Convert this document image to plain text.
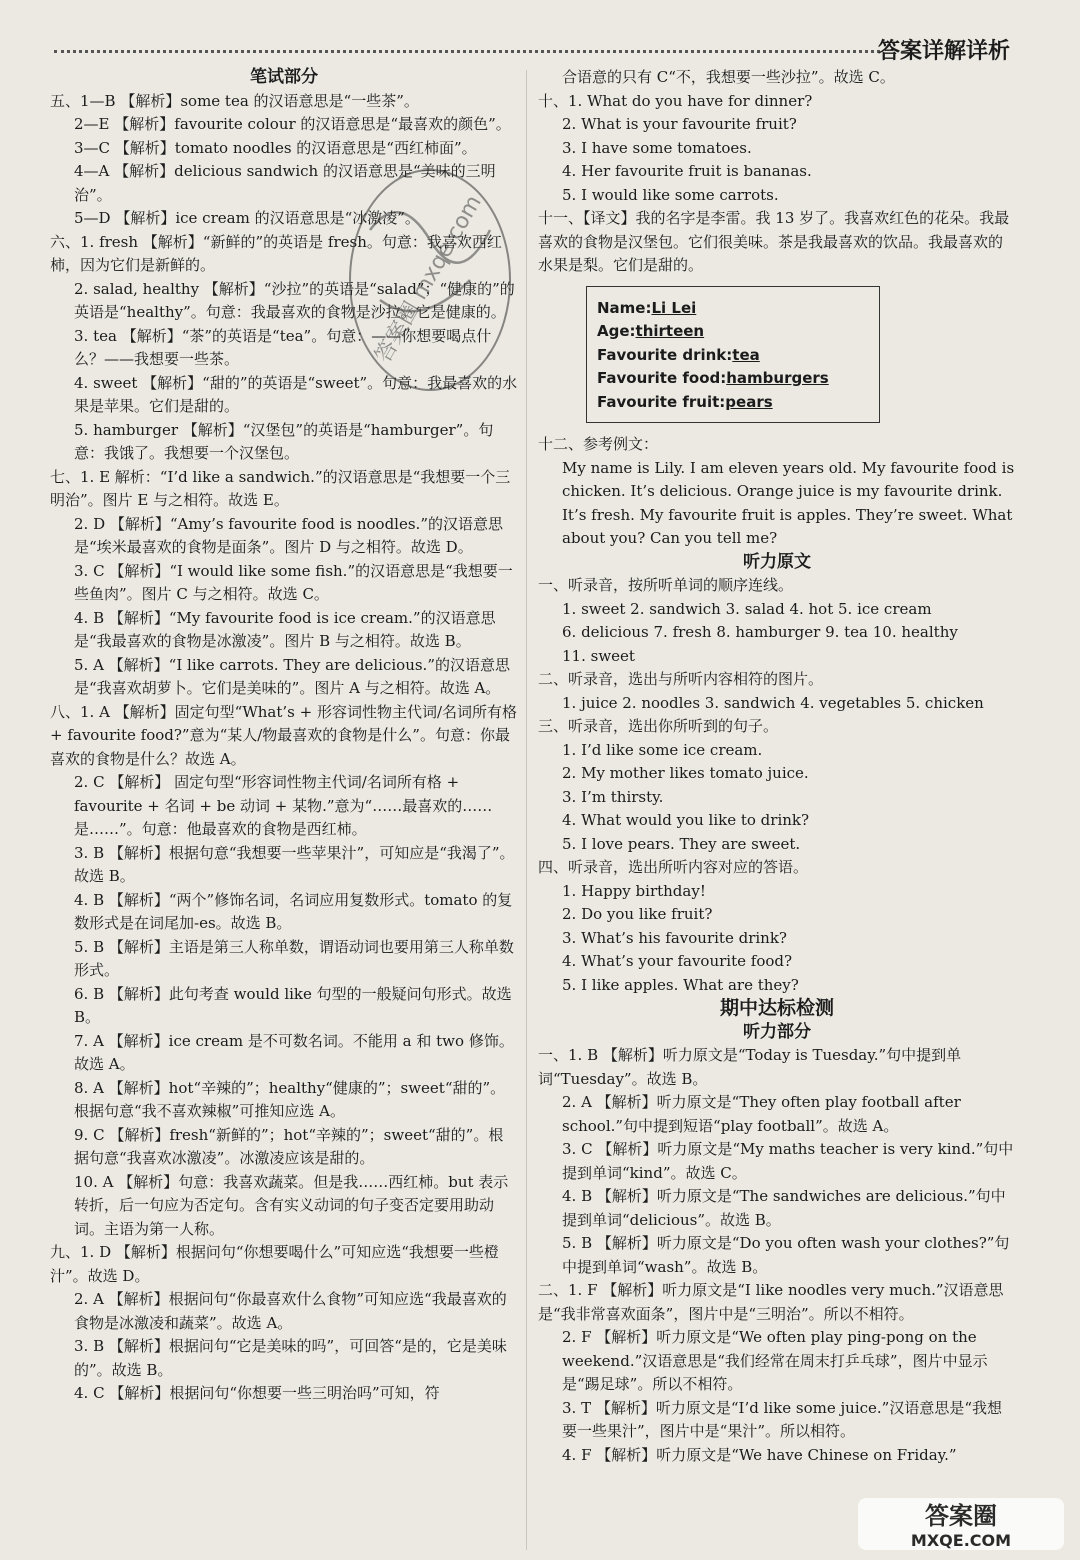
答案详解详析
笔试部分
五、1—B 【解析】some tea 的汉语意思是“一些茶”。
2—E 【解析】favourite colour 的汉语意思是“最喜欢的颜色”。
3—C 【解析】tomato noodles 的汉语意思是“西红柿面”。
4—A 【解析】delicious sandwich 的汉语意思是“美味的三明治”。
5—D 【解析】ice cream 的汉语意思是“冰激凌”。
六、1. fresh 【解析】“新鲜的”的英语是 fresh。句意：我喜欢西红柿，因为它们是新鲜的。
2. salad, healthy 【解析】“沙拉”的英语是“salad”；“健康的”的英语是“healthy”。句意：我最喜欢的食物是沙拉。它是健康的。
3. tea 【解析】“茶”的英语是“tea”。句意：——你想要喝点什么？——我想要一些茶。
4. sweet 【解析】“甜的”的英语是“sweet”。句意：我最喜欢的水果是苹果。它们是甜的。
5. hamburger 【解析】“汉堡包”的英语是“hamburger”。句意：我饿了。我想要一个汉堡包。
七、1. E 解析：“I’d like a sandwich.”的汉语意思是“我想要一个三明治”。图片 E 与之相符。故选 E。
2. D 【解析】“Amy’s favourite food is noodles.”的汉语意思是“埃米最喜欢的食物是面条”。图片 D 与之相符。故选 D。
3. C 【解析】“I would like some fish.”的汉语意思是“我想要一些鱼肉”。图片 C 与之相符。故选 C。
4. B 【解析】“My favourite food is ice cream.”的汉语意思是“我最喜欢的食物是冰激凌”。图片 B 与之相符。故选 B。
5. A 【解析】“I like carrots. They are delicious.”的汉语意思是“我喜欢胡萝卜。它们是美味的”。图片 A 与之相符。故选 A。
八、1. A 【解析】固定句型“What’s + 形容词性物主代词/名词所有格 + favourite food?”意为“某人/物最喜欢的食物是什么”。句意：你最喜欢的食物是什么？故选 A。
2. C 【解析】 固定句型“形容词性物主代词/名词所有格 + favourite + 名词 + be 动词 + 某物.”意为“……最喜欢的……是……”。句意：他最喜欢的食物是西红柿。
3. B 【解析】根据句意“我想要一些苹果汁”，可知应是“我渴了”。故选 B。
4. B 【解析】“两个”修饰名词，名词应用复数形式。tomato 的复数形式是在词尾加-es。故选 B。
5. B 【解析】主语是第三人称单数，谓语动词也要用第三人称单数形式。
6. B 【解析】此句考查 would like 句型的一般疑问句形式。故选 B。
7. A 【解析】ice cream 是不可数名词。不能用 a 和 two 修饰。故选 A。
8. A 【解析】hot“辛辣的”；healthy“健康的”；sweet“甜的”。根据句意“我不喜欢辣椒”可推知应选 A。
9. C 【解析】fresh“新鲜的”；hot“辛辣的”；sweet“甜的”。根据句意“我喜欢冰激凌”。冰激凌应该是甜的。
10. A 【解析】句意：我喜欢蔬菜。但是我……西红柿。but 表示转折，后一句应为否定句。含有实义动词的句子变否定要用助动词。主语为第一人称。
九、1. D 【解析】根据问句“你想要喝什么”可知应选“我想要一些橙汁”。故选 D。
2. A 【解析】根据问句“你最喜欢什么食物”可知应选“我最喜欢的食物是冰激凌和蔬菜”。故选 A。
3. B 【解析】根据问句“它是美味的吗”，可回答“是的，它是美味的”。故选 B。
4. C 【解析】根据问句“你想要一些三明治吗”可知，符
合语意的只有 C“不，我想要一些沙拉”。故选 C。
十、1. What do you have for dinner?
2. What is your favourite fruit?
3. I have some tomatoes.
4. Her favourite fruit is bananas.
5. I would like some carrots.
十一、【译文】我的名字是李雷。我 13 岁了。我喜欢红色的花朵。我最喜欢的食物是汉堡包。它们很美味。茶是我最喜欢的饮品。我最喜欢的水果是梨。它们是甜的。
Name:Li Lei
Age:thirteen
Favourite drink:tea
Favourite food:hamburgers
Favourite fruit:pears
十二、参考例文：
My name is Lily. I am eleven years old. My favourite food is chicken. It’s delicious. Orange juice is my favourite drink. It’s fresh. My favourite fruit is apples. They’re sweet. What about you? Can you tell me?
听力原文
一、听录音，按所听单词的顺序连线。
1. sweet 2. sandwich 3. salad 4. hot 5. ice cream
6. delicious 7. fresh 8. hamburger 9. tea 10. healthy
11. sweet
二、听录音，选出与所听内容相符的图片。
1. juice 2. noodles 3. sandwich 4. vegetables 5. chicken
三、听录音，选出你所听到的句子。
1. I’d like some ice cream.
2. My mother likes tomato juice.
3. I’m thirsty.
4. What would you like to drink?
5. I love pears. They are sweet.
四、听录音，选出所听内容对应的答语。
1. Happy birthday!
2. Do you like fruit?
3. What’s his favourite drink?
4. What’s your favourite food?
5. I like apples. What are they?
期中达标检测
听力部分
一、1. B 【解析】听力原文是“Today is Tuesday.”句中提到单词“Tuesday”。故选 B。
2. A 【解析】听力原文是“They often play football after school.”句中提到短语“play football”。故选 A。
3. C 【解析】听力原文是“My maths teacher is very kind.”句中提到单词“kind”。故选 C。
4. B 【解析】听力原文是“The sandwiches are delicious.”句中提到单词“delicious”。故选 B。
5. B 【解析】听力原文是“Do you often wash your clothes?”句中提到单词“wash”。故选 B。
二、1. F 【解析】听力原文是“I like noodles very much.”汉语意思是“我非常喜欢面条”，图片中是“三明治”。所以不相符。
2. F 【解析】听力原文是“We often play ping-pong on the weekend.”汉语意思是“我们经常在周末打乒乓球”，图片中显示是“踢足球”。所以不相符。
3. T 【解析】听力原文是“I’d like some juice.”汉语意思是“我想要一些果汁”，图片中是“果汁”。所以相符。
4. F 【解析】听力原文是“We have Chinese on Friday.”
答案圈 mxqe.com
答案圈
MXQE.COM
